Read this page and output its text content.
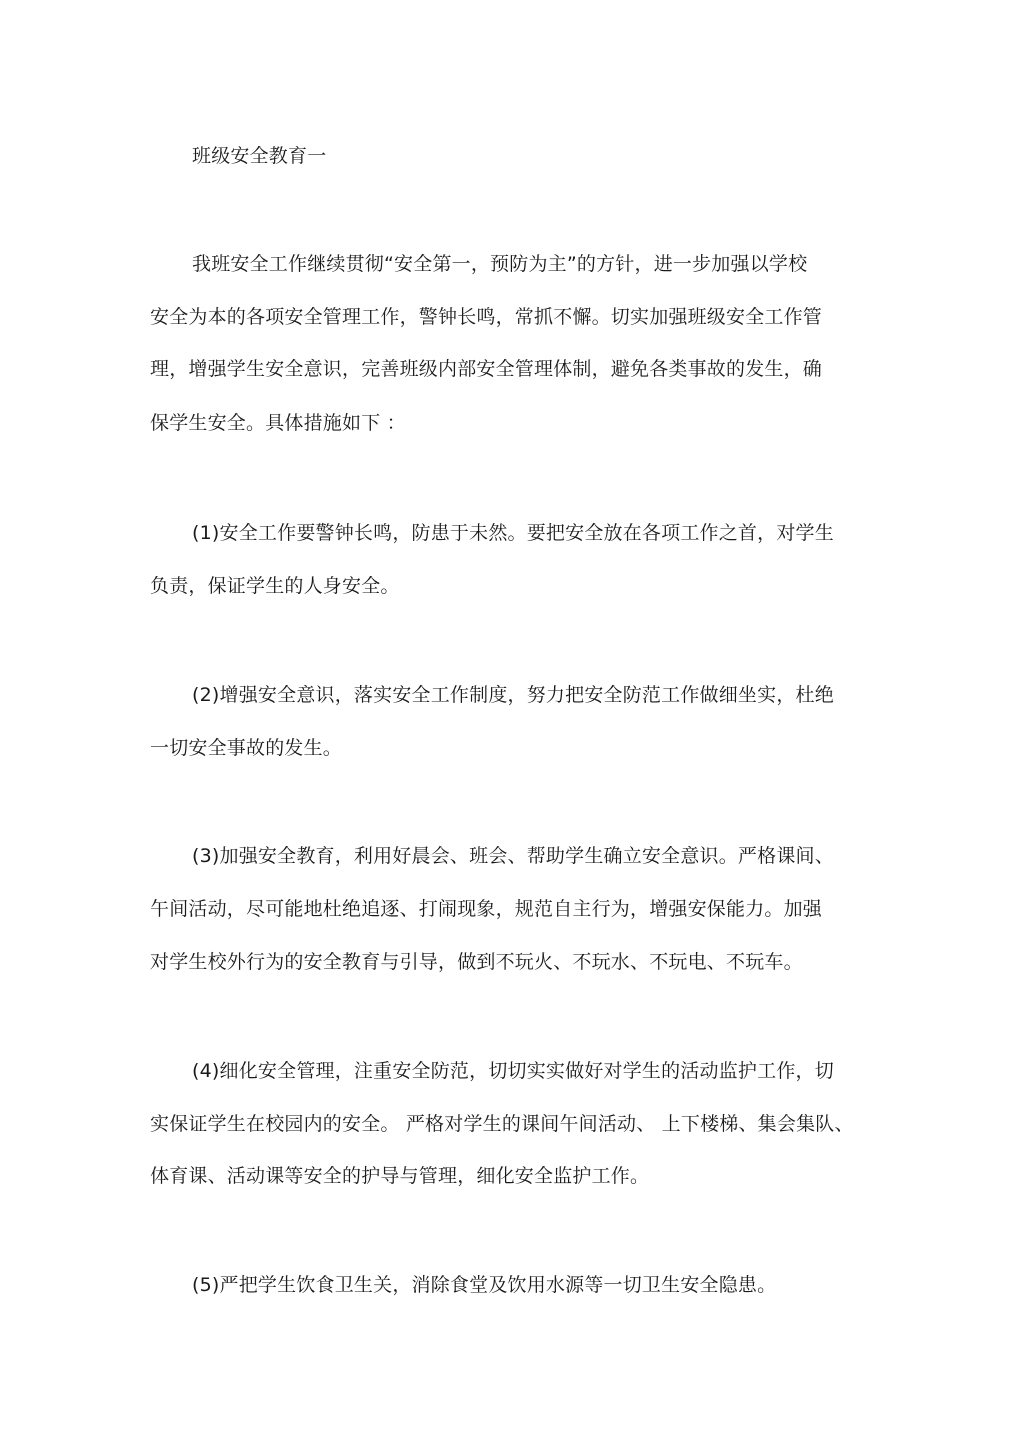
班级安全教育一

我班安全工作继续贯彻“安全第一，预防为主”的方针，进一步加强以学校

安全为本的各项安全管理工作，警钟长鸣，常抓不懈。切实加强班级安全工作管

理，增强学生安全意识，完善班级内部安全管理体制，避免各类事故的发生，确

保学生安全。具体措施如下 ：

(1)安全工作要警钟长鸣，防患于未然。要把安全放在各项工作之首，对学生

负责，保证学生的人身安全。

(2)增强安全意识，落实安全工作制度，努力把安全防范工作做细坐实，杜绝

一切安全事故的发生。

(3)加强安全教育，利用好晨会、班会、帮助学生确立安全意识。严格课间、

午间活动，尽可能地杜绝追逐、打闹现象，规范自主行为，增强安保能力。加强

对学生校外行为的安全教育与引导，做到不玩火、不玩水、不玩电、不玩车。

(4)细化安全管理，注重安全防范，切切实实做好对学生的活动监护工作，切

实保证学生在校园内的安全。 严格对学生的课间午间活动、 上下楼梯、集会集队、

体育课、活动课等安全的护导与管理，细化安全监护工作。

(5)严把学生饮食卫生关，消除食堂及饮用水源等一切卫生安全隐患。
